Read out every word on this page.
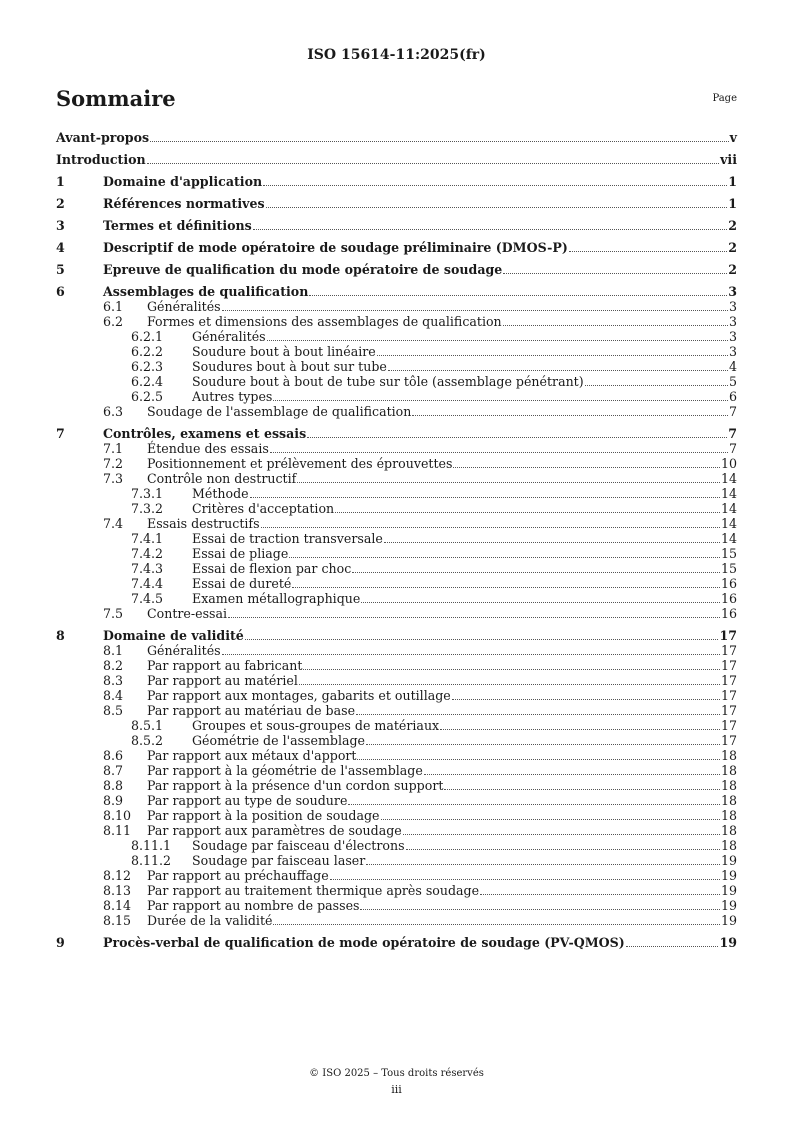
ISO 15614-11:2025(fr)
Sommaire	Page
Avant-propos	v
Introduction	vii
1	Domaine d'application	1
2	Références normatives	1
3	Termes et définitions	2
4	Descriptif de mode opératoire de soudage préliminaire (DMOS-P)	2
5	Epreuve de qualification du mode opératoire de soudage	2
6	Assemblages de qualification	3
6.1 Généralités	3
6.2 Formes et dimensions des assemblages de qualification	3
6.2.1 Généralités	3
6.2.2 Soudure bout à bout linéaire	3
6.2.3 Soudures bout à bout sur tube	4
6.2.4 Soudure bout à bout de tube sur tôle (assemblage pénétrant)	5
6.2.5 Autres types	6
6.3 Soudage de l'assemblage de qualification	7
7	Contrôles, examens et essais	7
7.1 Étendue des essais	7
7.2 Positionnement et prélèvement des éprouvettes	10
7.3 Contrôle non destructif	14
7.3.1 Méthode	14
7.3.2 Critères d'acceptation	14
7.4 Essais destructifs	14
7.4.1 Essai de traction transversale	14
7.4.2 Essai de pliage	15
7.4.3 Essai de flexion par choc	15
7.4.4 Essai de dureté	16
7.4.5 Examen métallographique	16
7.5 Contre-essai	16
8	Domaine de validité	17
8.1 Généralités	17
8.2 Par rapport au fabricant	17
8.3 Par rapport au matériel	17
8.4 Par rapport aux montages, gabarits et outillage	17
8.5 Par rapport au matériau de base	17
8.5.1 Groupes et sous-groupes de matériaux	17
8.5.2 Géométrie de l'assemblage	17
8.6 Par rapport aux métaux d'apport	18
8.7 Par rapport à la géométrie de l'assemblage	18
8.8 Par rapport à la présence d'un cordon support	18
8.9 Par rapport au type de soudure	18
8.10 Par rapport à la position de soudage	18
8.11 Par rapport aux paramètres de soudage	18
8.11.1 Soudage par faisceau d'électrons	18
8.11.2 Soudage par faisceau laser	19
8.12 Par rapport au préchauffage	19
8.13 Par rapport au traitement thermique après soudage	19
8.14 Par rapport au nombre de passes	19
8.15 Durée de la validité	19
9	Procès-verbal de qualification de mode opératoire de soudage (PV-QMOS)	19
© ISO 2025 – Tous droits réservés
iii
